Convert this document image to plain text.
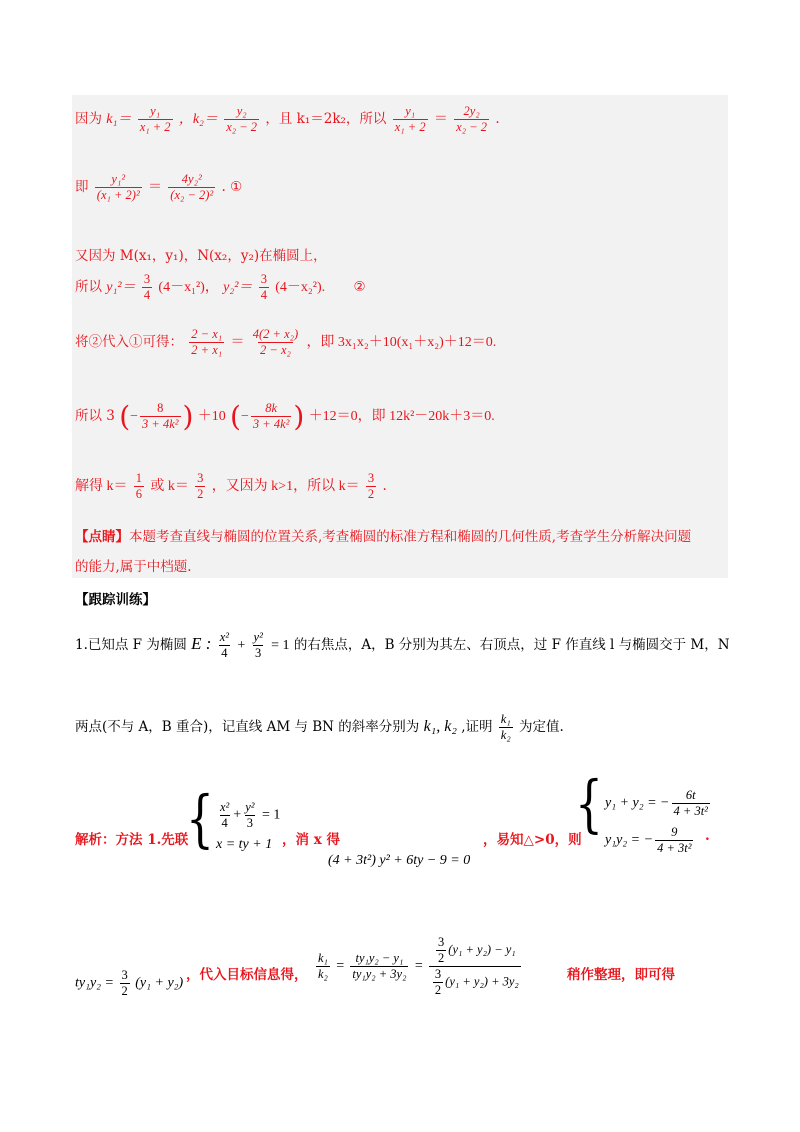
因为 $k_1= \frac{\text{y₁}}{\text{x₁ + 2}}$ ，$k_2= \frac{\text{y₂}}{\text{x₂ − 2}}$ ，且 k₁＝2k₂，所以 $\frac{\text{y₁}}{\text{x₁ + 2}} = \frac{\text{2y₂}}{\text{x₂ − 2}}$ .
即 $\frac{\text{y₁²}}{\text{(x₁ + 2)²}} = \frac{\text{4y₂²}}{\text{(x₂ − 2)²}}$ . ①
又因为 M(x₁，y₁)，N(x₂，y₂)在椭圆上，
所以 $y_1^2= \frac{3}{4} (4-x_1^2)$， $y_2^2= \frac{3}{4} (4-x_2^2)$. ②
将②代入①可得： $\frac{\text{2 − x₁}}{\text{2 + x₁}} = \frac{\text{4(2 + x₂)}}{\text{2 − x₂}}$ ，即 3x₁x₂＋10(x₁＋x₂)＋12＝0.
所以 3 (− $\frac{8}{\text{3 + 4k²}}$ ) ＋10 (− $\frac{8k}{\text{3 + 4k²}}$ ) ＋12＝0，即 12k²－20k＋3＝0.
解得 $k= \frac{1}{6}$ 或 $k= \frac{3}{2}$ ，又因为 k>1，所以 $k= \frac{3}{2}$ .
【点睛】本题考查直线与椭圆的位置关系,考查椭圆的标准方程和椭圆的几何性质,考查学生分析解决问题
的能力,属于中档题.
【跟踪训练】
1.已知点 F 为椭圆 E : $\frac{\text{x²}}{4} + \frac{\text{y²}}{3} = 1$ 的右焦点，A，B 分别为其左、右顶点，过 F 作直线 l 与椭圆交于 M，N
两点(不与 A，B 重合)，记直线 AM 与 BN 的斜率分别为 k₁, k₂ ,证明 $\frac{\text{k₁}}{\text{k₂}}$ 为定值.
解析：方法 1.先联
{ $\frac{\text{x²}}{4} + \frac{\text{y²}}{3} = 1$
x = ty + 1 ，消 x 得
(4 + 3t²) y² + 6ty − 9 = 0
，易知△>0，则
{ y₁ + y₂ = − $\frac{6t}{\text{4 + 3t²}}$
y₁y₂ = − $\frac{9}{\text{4 + 3t²}}$ .
$ty_1y_2 = \frac{3}{2} (y_1 + y_2)$
，代入目标信息得， $\frac{\text{k₁}}{\text{k₂}} = \frac{\text{ty₁y₂ − y₁}}{\text{ty₁y₂ + 3y₂}} = \frac{\frac{3}{2} (y_1 + y_2) - y_1}{\frac{3}{2} (y_1 + y_2) + 3y_2}$	稍作整理，即可得
